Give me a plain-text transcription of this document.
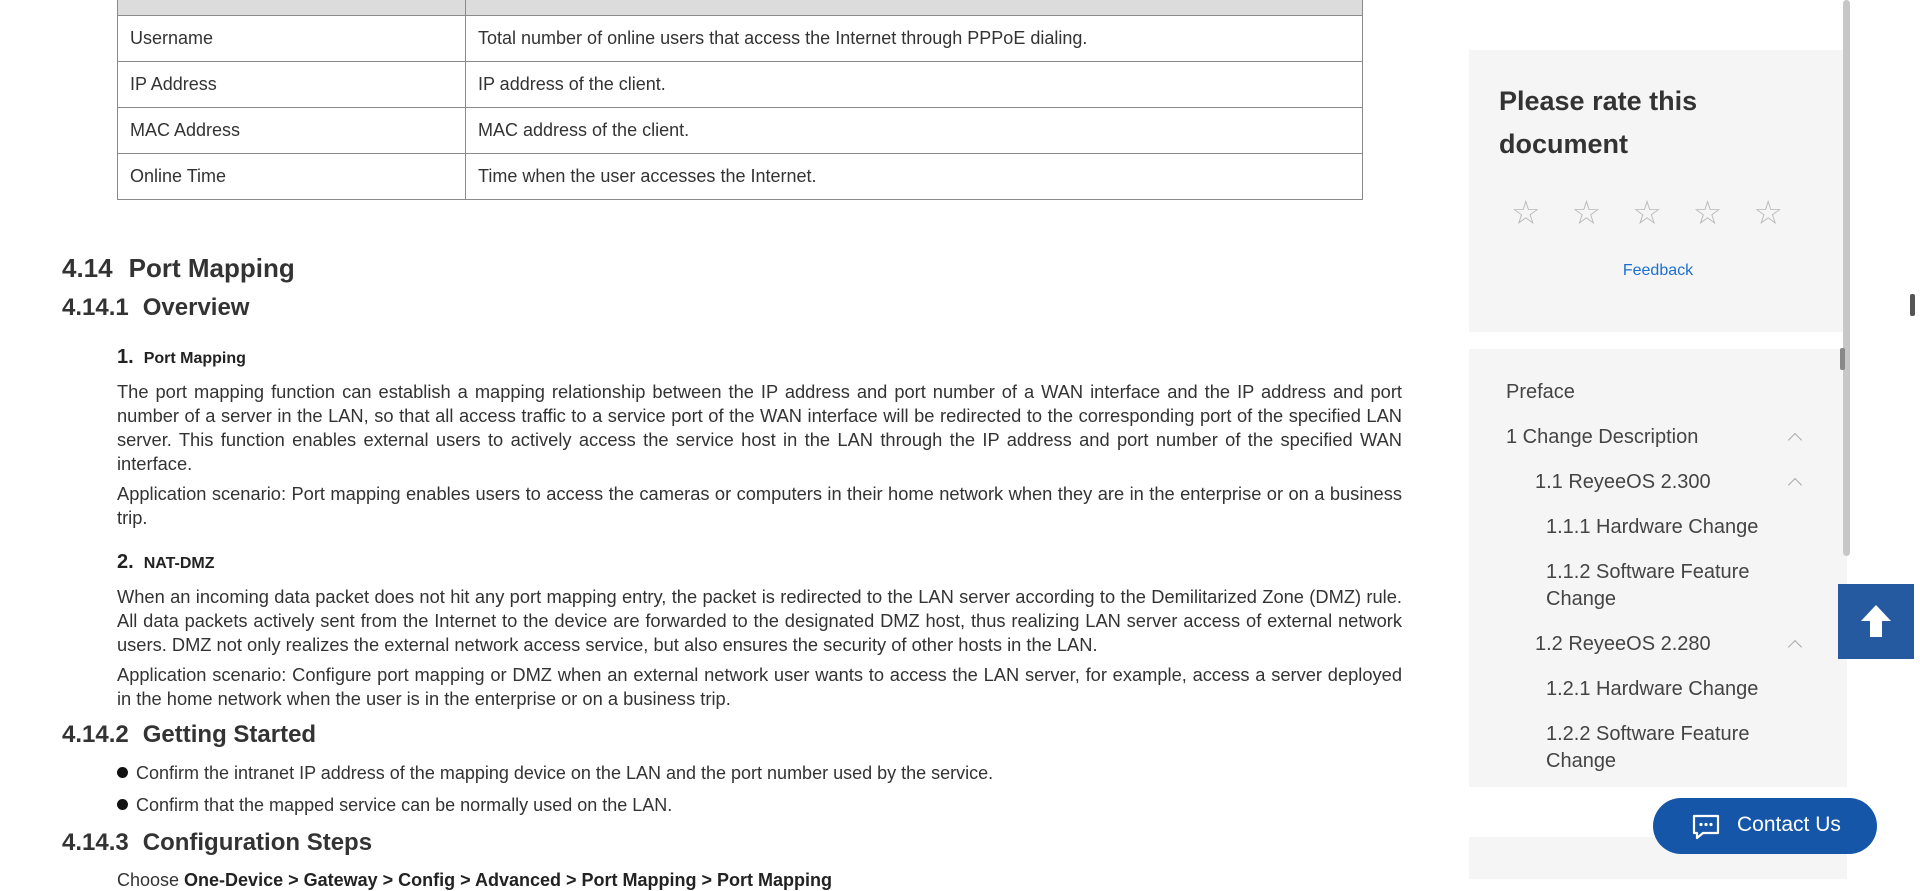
Username	Total number of online users that access the Internet through PPPoE dialing.
IP Address	IP address of the client.
MAC Address	MAC address of the client.
Online Time	Time when the user accesses the Internet.
4.14 Port Mapping
4.14.1 Overview
1. Port Mapping

The port mapping function can establish a mapping relationship between the IP address and port number of a WAN interface and the IP address and port number of a server in the LAN, so that all access traffic to a service port of the WAN interface will be redirected to the corresponding port of the specified LAN server. This function enables external users to actively access the service host in the LAN through the IP address and port number of the specified WAN interface.

Application scenario: Port mapping enables users to access the cameras or computers in their home network when they are in the enterprise or on a business trip.

2. NAT-DMZ

When an incoming data packet does not hit any port mapping entry, the packet is redirected to the LAN server according to the Demilitarized Zone (DMZ) rule. All data packets actively sent from the Internet to the device are forwarded to the designated DMZ host, thus realizing LAN server access of external network users. DMZ not only realizes the external network access service, but also ensures the security of other hosts in the LAN.

Application scenario: Configure port mapping or DMZ when an external network user wants to access the LAN server, for example, access a server deployed in the home network when the user is in the enterprise or on a business trip.

4.14.2 Getting Started
Confirm the intranet IP address of the mapping device on the LAN and the port number used by the service.
Confirm that the mapped service can be normally used on the LAN.
4.14.3 Configuration Steps
Choose One-Device > Gateway > Config > Advanced > Port Mapping > Port Mapping
Please rate this document
☆ ☆ ☆ ☆ ☆
Feedback
Preface
1 Change Description
1.1 ReyeeOS 2.300
1.1.1 Hardware Change
1.1.2 Software Feature Change
1.2 ReyeeOS 2.280
1.2.1 Hardware Change
1.2.2 Software Feature Change
Contact Us
